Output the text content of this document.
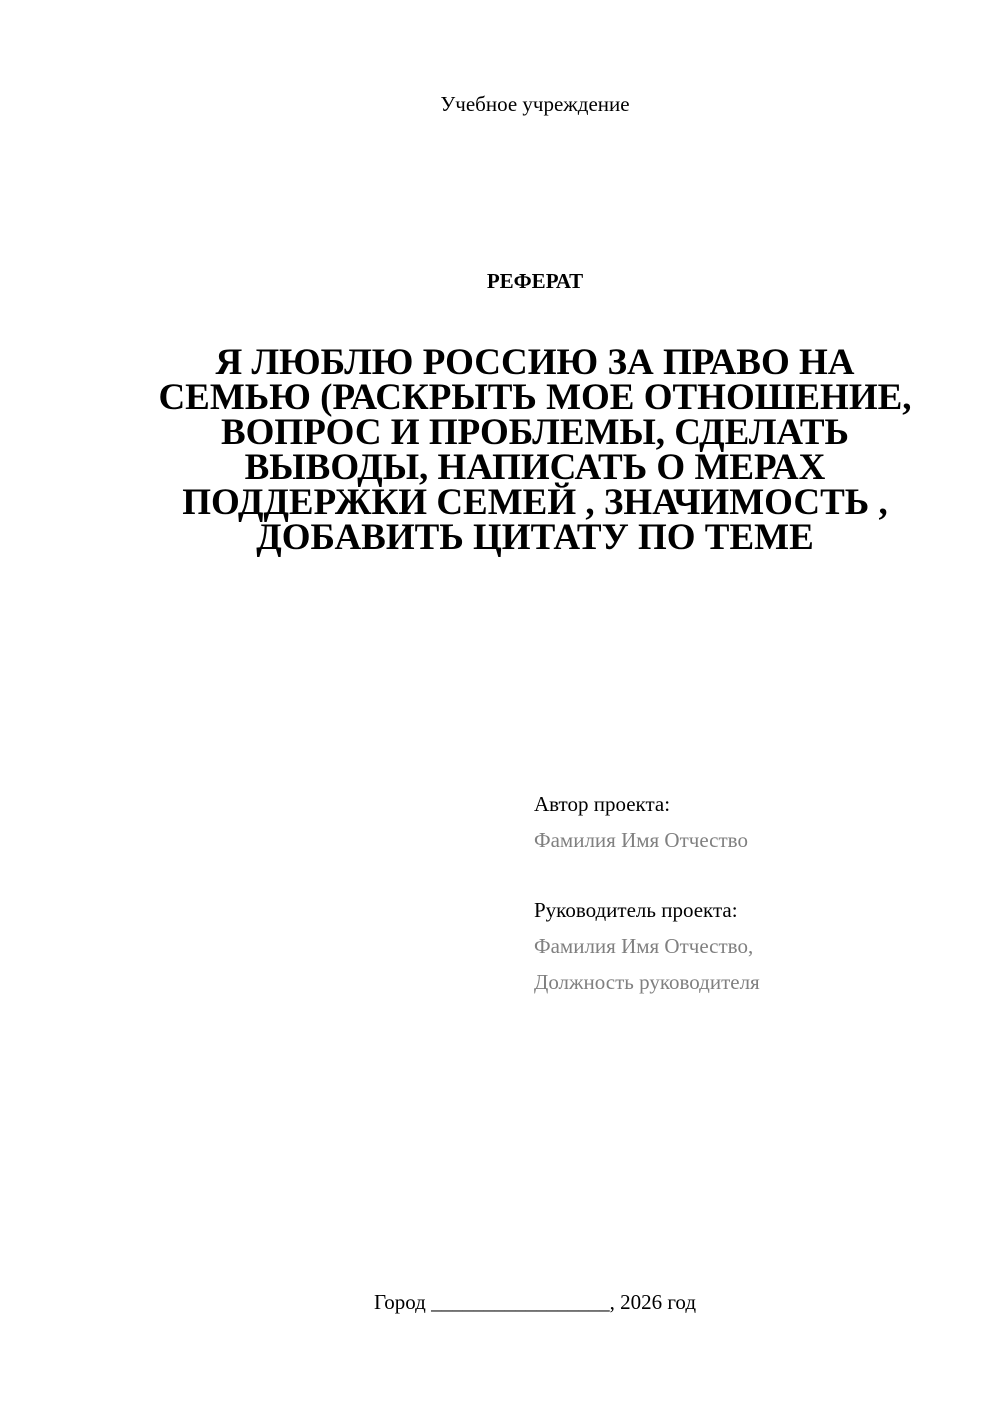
Учебное учреждение
РЕФЕРАТ
Я ЛЮБЛЮ РОССИЮ ЗА ПРАВО НА СЕМЬЮ (РАСКРЫТЬ МОЕ ОТНОШЕНИЕ, ВОПРОС И ПРОБЛЕМЫ, СДЕЛАТЬ ВЫВОДЫ, НАПИСАТЬ О МЕРАХ ПОДДЕРЖКИ СЕМЕЙ , ЗНАЧИМОСТЬ , ДОБАВИТЬ ЦИТАТУ ПО ТЕМЕ
Автор проекта:
Фамилия Имя Отчество
Руководитель проекта:
Фамилия Имя Отчество,
Должность руководителя
Город _________________, 2026 год
